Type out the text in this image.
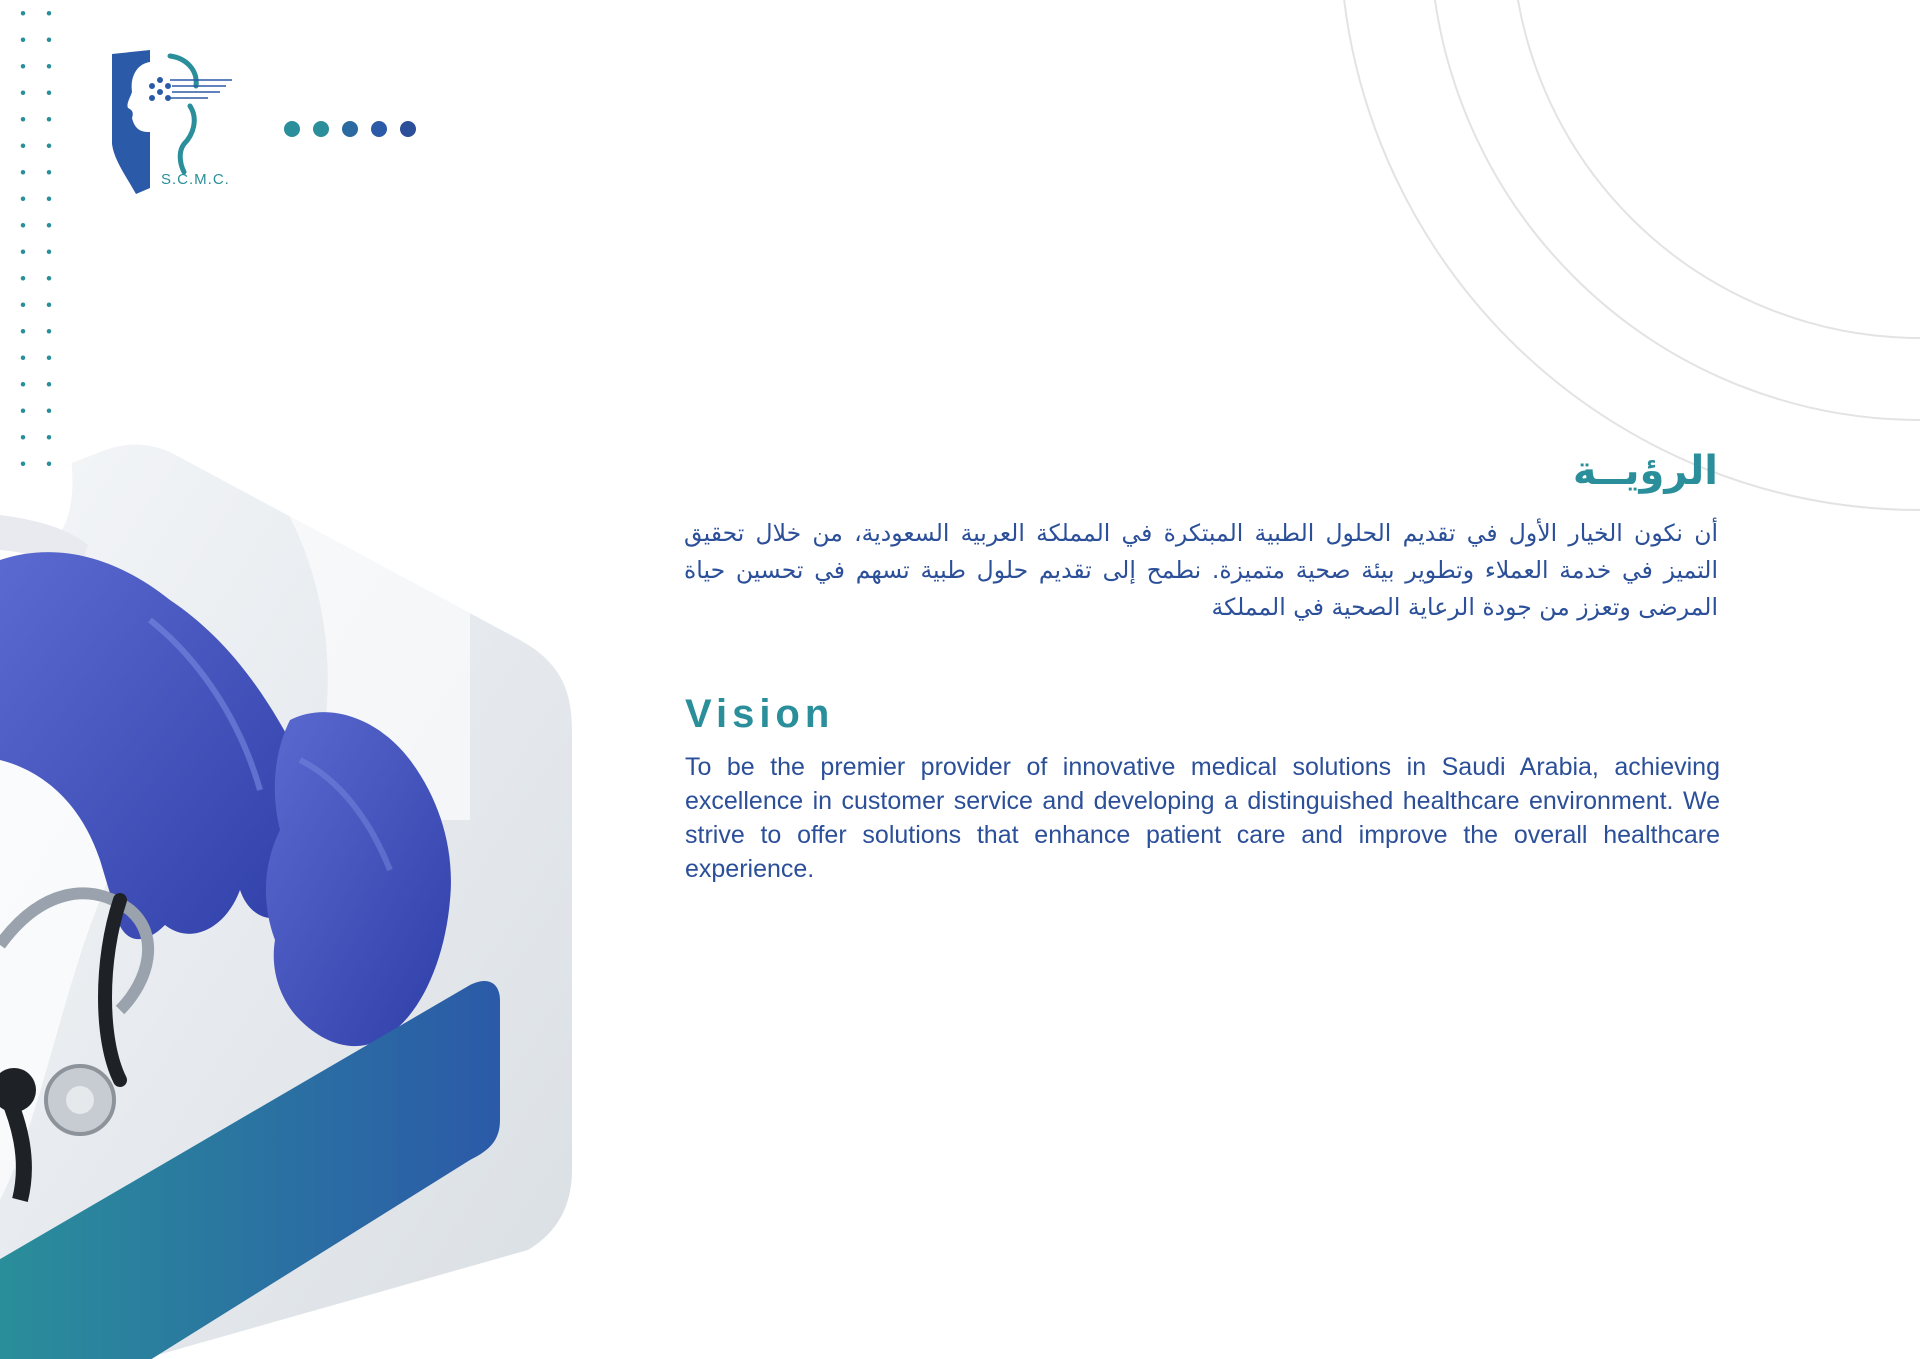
S.C.M.C.
الرؤيــة

أن نكون الخيار الأول في تقديم الحلول الطبية المبتكرة في المملكة العربية السعودية، من خلال تحقيق التميز في خدمة العملاء وتطوير بيئة صحية متميزة. نطمح إلى تقديم حلول طبية تسهم في تحسين حياة المرضى وتعزز من جودة الرعاية الصحية في المملكة

Vision

To be the premier provider of innovative medical solutions in Saudi Arabia, achieving excellence in customer service and developing a distinguished healthcare environment. We strive to offer solutions that enhance patient care and improve the overall healthcare experience.
